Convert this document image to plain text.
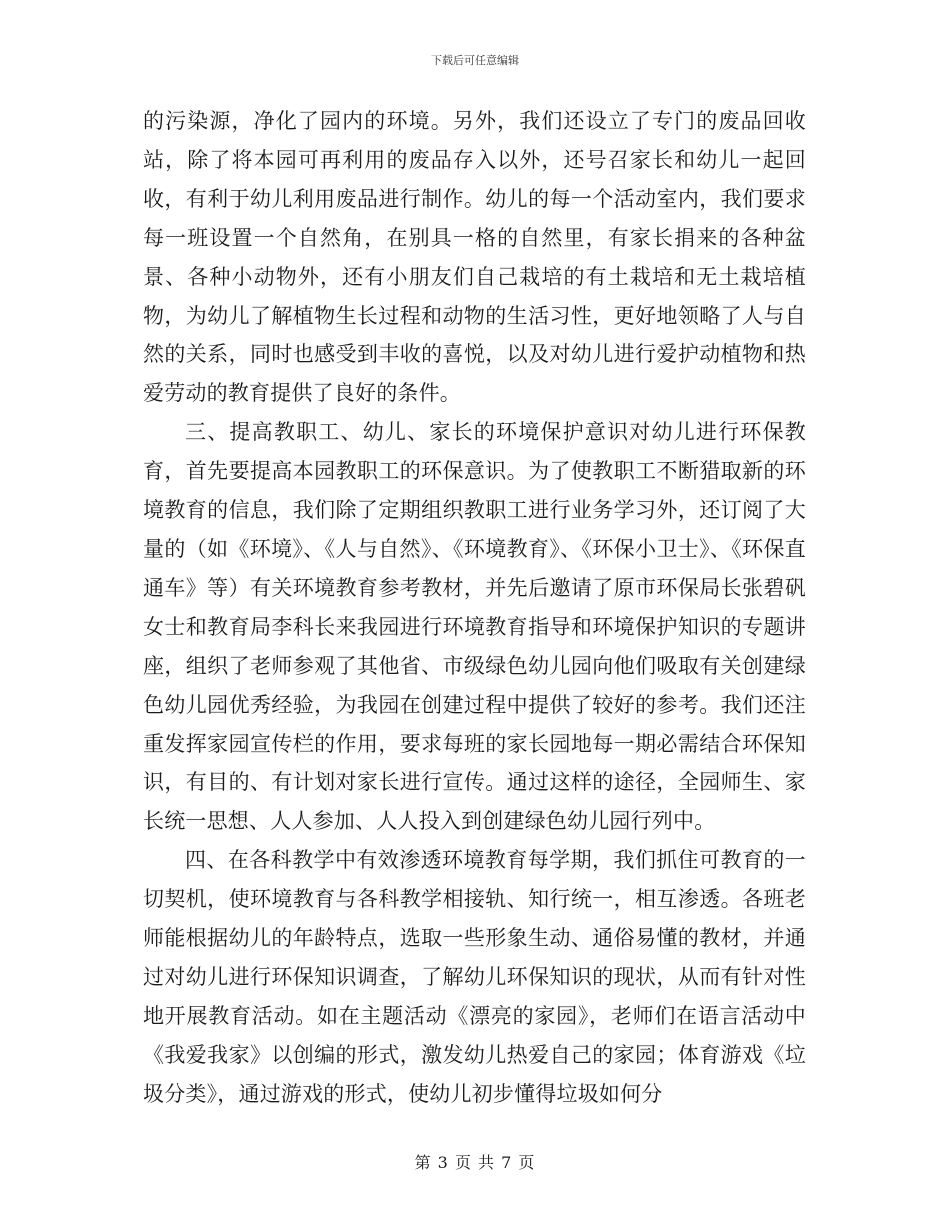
下载后可任意编辑

的污染源，净化了园内的环境。另外，我们还设立了专门的废品回收站，除了将本园可再利用的废品存入以外，还号召家长和幼儿一起回收，有利于幼儿利用废品进行制作。幼儿的每一个活动室内，我们要求每一班设置一个自然角，在别具一格的自然里，有家长捐来的各种盆景、各种小动物外，还有小朋友们自己栽培的有土栽培和无土栽培植物，为幼儿了解植物生长过程和动物的生活习性，更好地领略了人与自然的关系，同时也感受到丰收的喜悦，以及对幼儿进行爱护动植物和热爱劳动的教育提供了良好的条件。

三、提高教职工、幼儿、家长的环境保护意识对幼儿进行环保教育，首先要提高本园教职工的环保意识。为了使教职工不断猎取新的环境教育的信息，我们除了定期组织教职工进行业务学习外，还订阅了大量的（如《环境》、《人与自然》、《环境教育》、《环保小卫士》、《环保直通车》等）有关环境教育参考教材，并先后邀请了原市环保局长张碧矾女士和教育局李科长来我园进行环境教育指导和环境保护知识的专题讲座，组织了老师参观了其他省、市级绿色幼儿园向他们吸取有关创建绿色幼儿园优秀经验，为我园在创建过程中提供了较好的参考。我们还注重发挥家园宣传栏的作用，要求每班的家长园地每一期必需结合环保知识，有目的、有计划对家长进行宣传。通过这样的途径，全园师生、家长统一思想、人人参加、人人投入到创建绿色幼儿园行列中。

四、在各科教学中有效渗透环境教育每学期，我们抓住可教育的一切契机，使环境教育与各科教学相接轨、知行统一，相互渗透。各班老师能根据幼儿的年龄特点，选取一些形象生动、通俗易懂的教材，并通过对幼儿进行环保知识调查，了解幼儿环保知识的现状，从而有针对性地开展教育活动。如在主题活动《漂亮的家园》，老师们在语言活动中《我爱我家》以创编的形式，激发幼儿热爱自己的家园；体育游戏《垃圾分类》，通过游戏的形式，使幼儿初步懂得垃圾如何分

第 3 页 共 7 页
